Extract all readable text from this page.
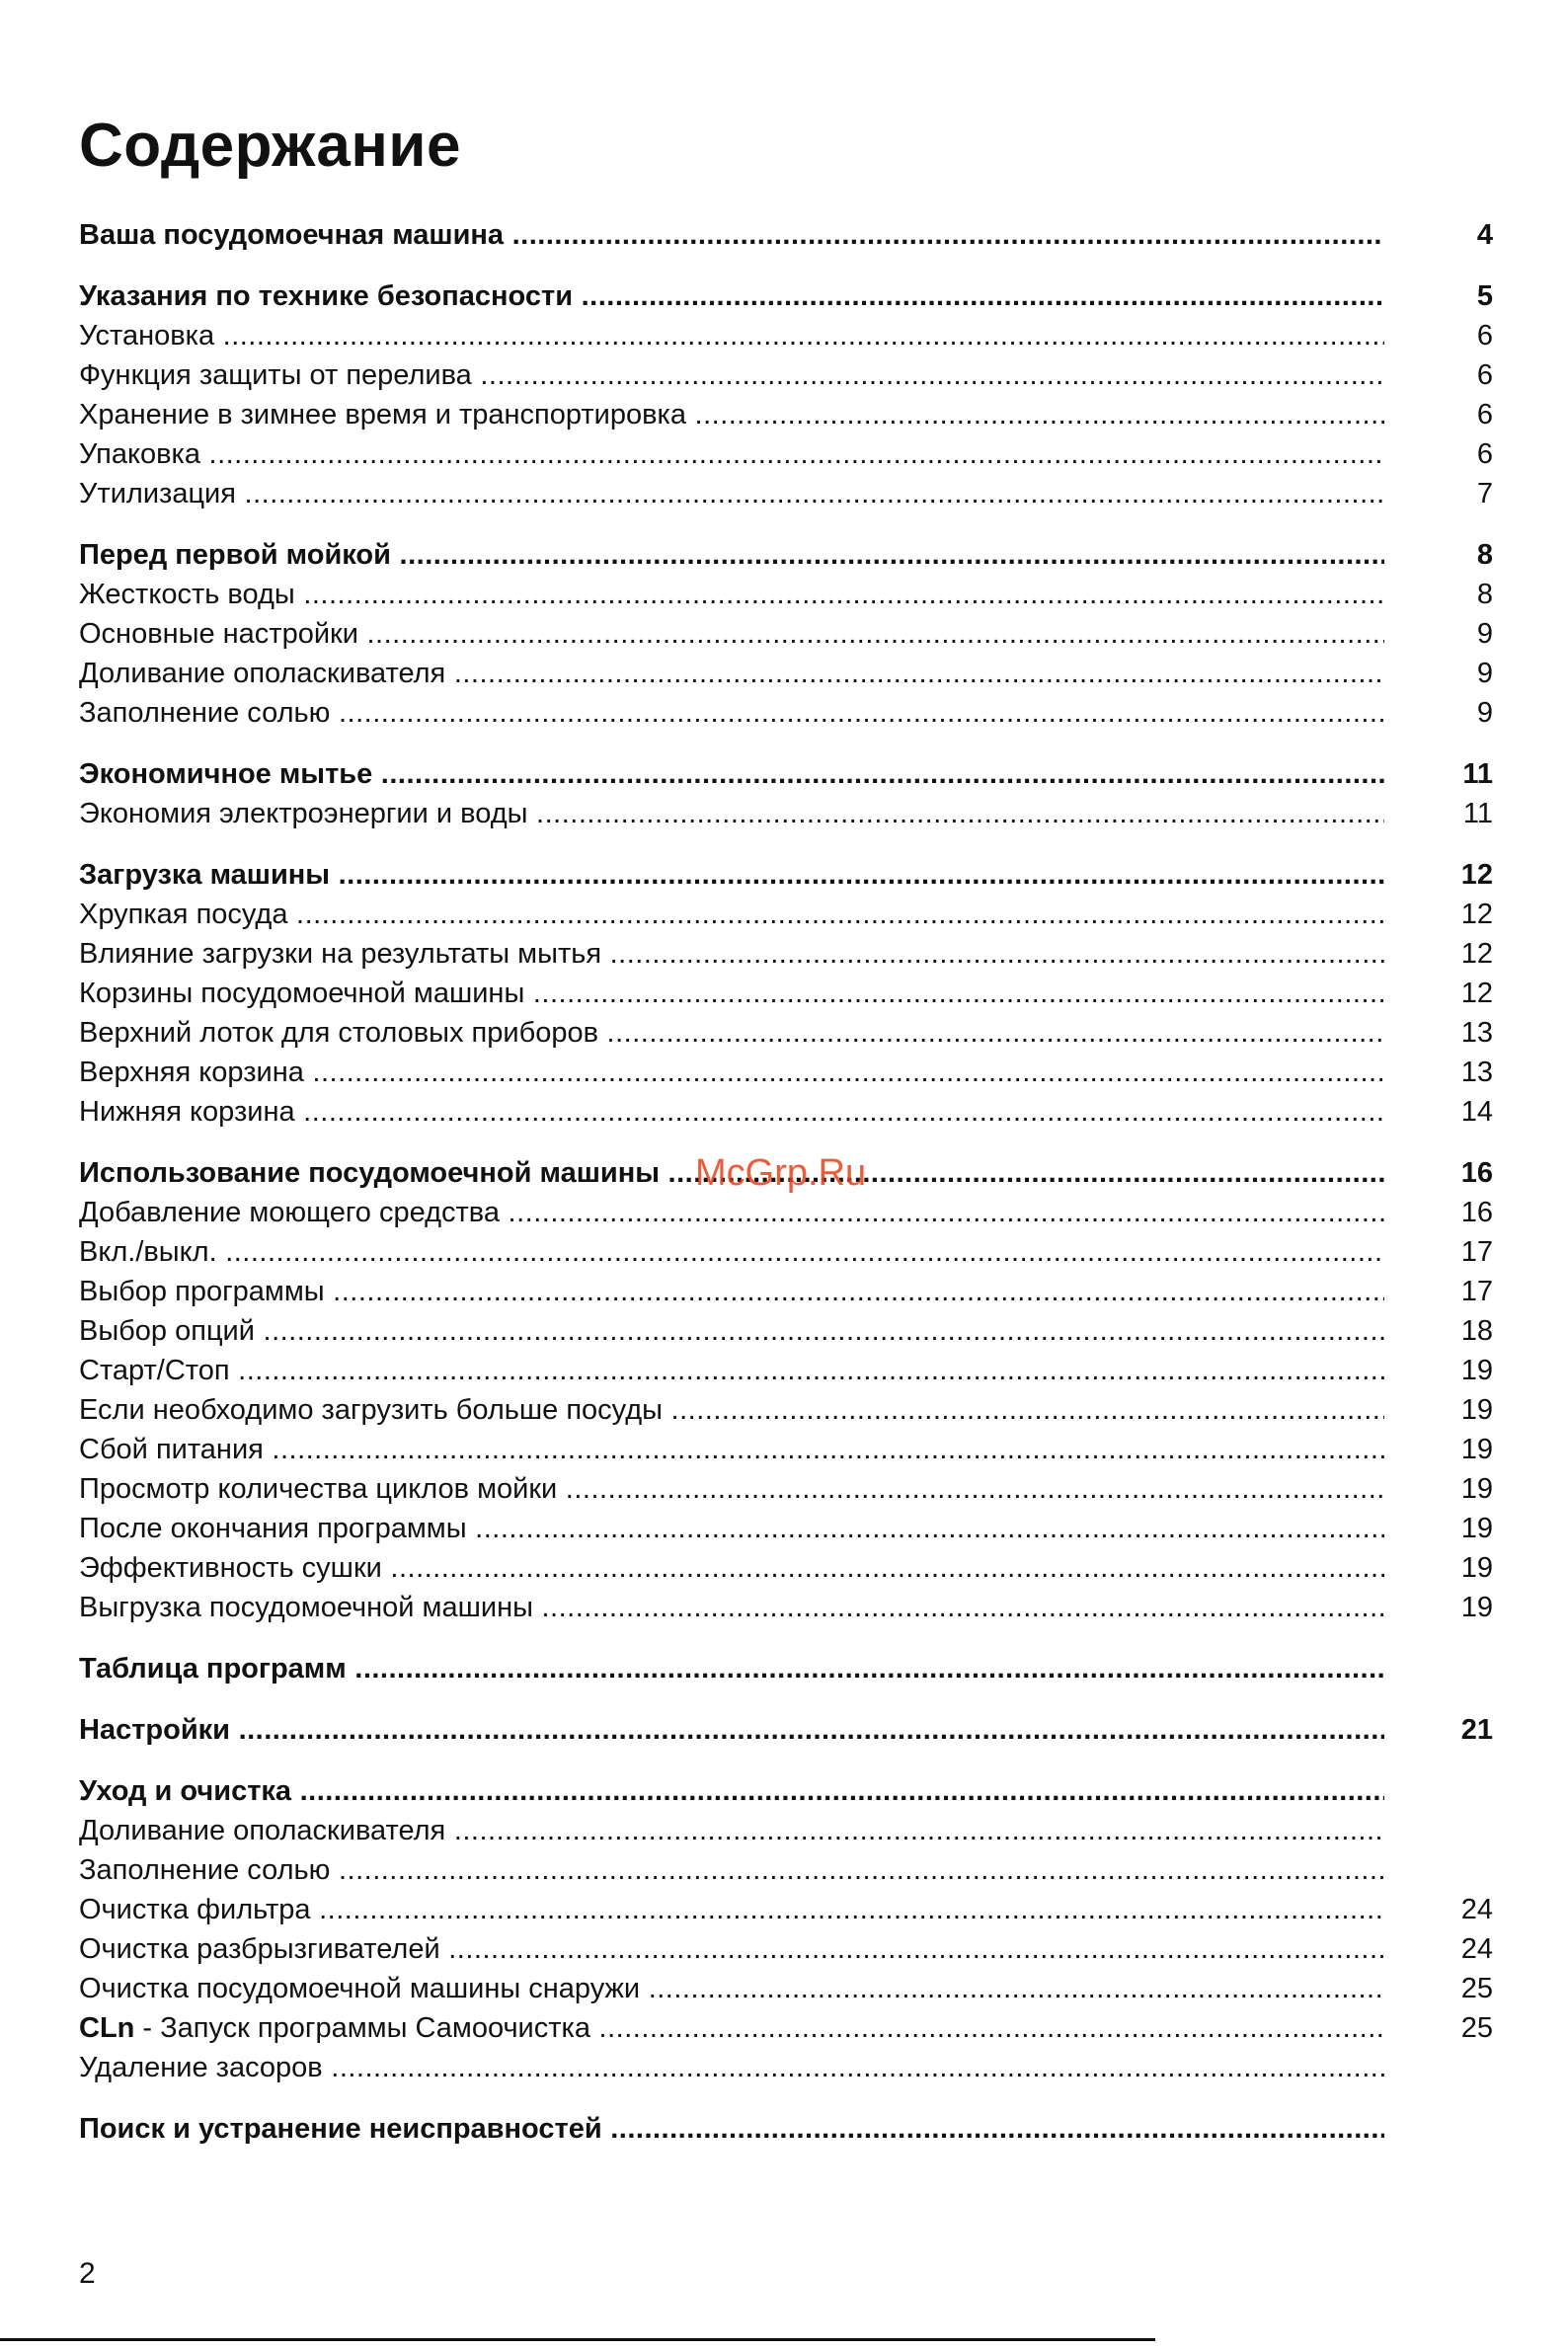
Содержание
Ваша посудомоечная машина .....	4
Указания по технике безопасности .....	5
Установка .....	6
Функция защиты от перелива .....	6
Хранение в зимнее время и транспортировка .....	6
Упаковка .....	6
Утилизация .....	7
Перед первой мойкой .....	8
Жесткость воды .....	8
Основные настройки .....	9
Доливание ополаскивателя .....	9
Заполнение солью .....	9
Экономичное мытье .....	11
Экономия электроэнергии и воды .....	11
Загрузка машины .....	12
Хрупкая посуда .....	12
Влияние загрузки на результаты мытья .....	12
Корзины посудомоечной машины .....	12
Верхний лоток для столовых приборов .....	13
Верхняя корзина .....	13
Нижняя корзина .....	14
Использование посудомоечной машины .....	16
Добавление моющего средства .....	16
Вкл./выкл. .....	17
Выбор программы .....	17
Выбор опций .....	18
Старт/Стоп .....	19
Если необходимо загрузить больше посуды .....	19
Сбой питания .....	19
Просмотр количества циклов мойки .....	19
После окончания программы .....	19
Эффективность сушки .....	19
Выгрузка посудомоечной машины .....	19
Таблица программ .....
Настройки .....	21
Уход и очистка .....
Доливание ополаскивателя .....
Заполнение солью .....
Очистка фильтра .....	24
Очистка разбрызгивателей .....	24
Очистка посудомоечной машины снаружи .....	25
CLn - Запуск программы Самоочистка .....	25
Удаление засоров .....
Поиск и устранение неисправностей .....
McGrp.Ru
2
